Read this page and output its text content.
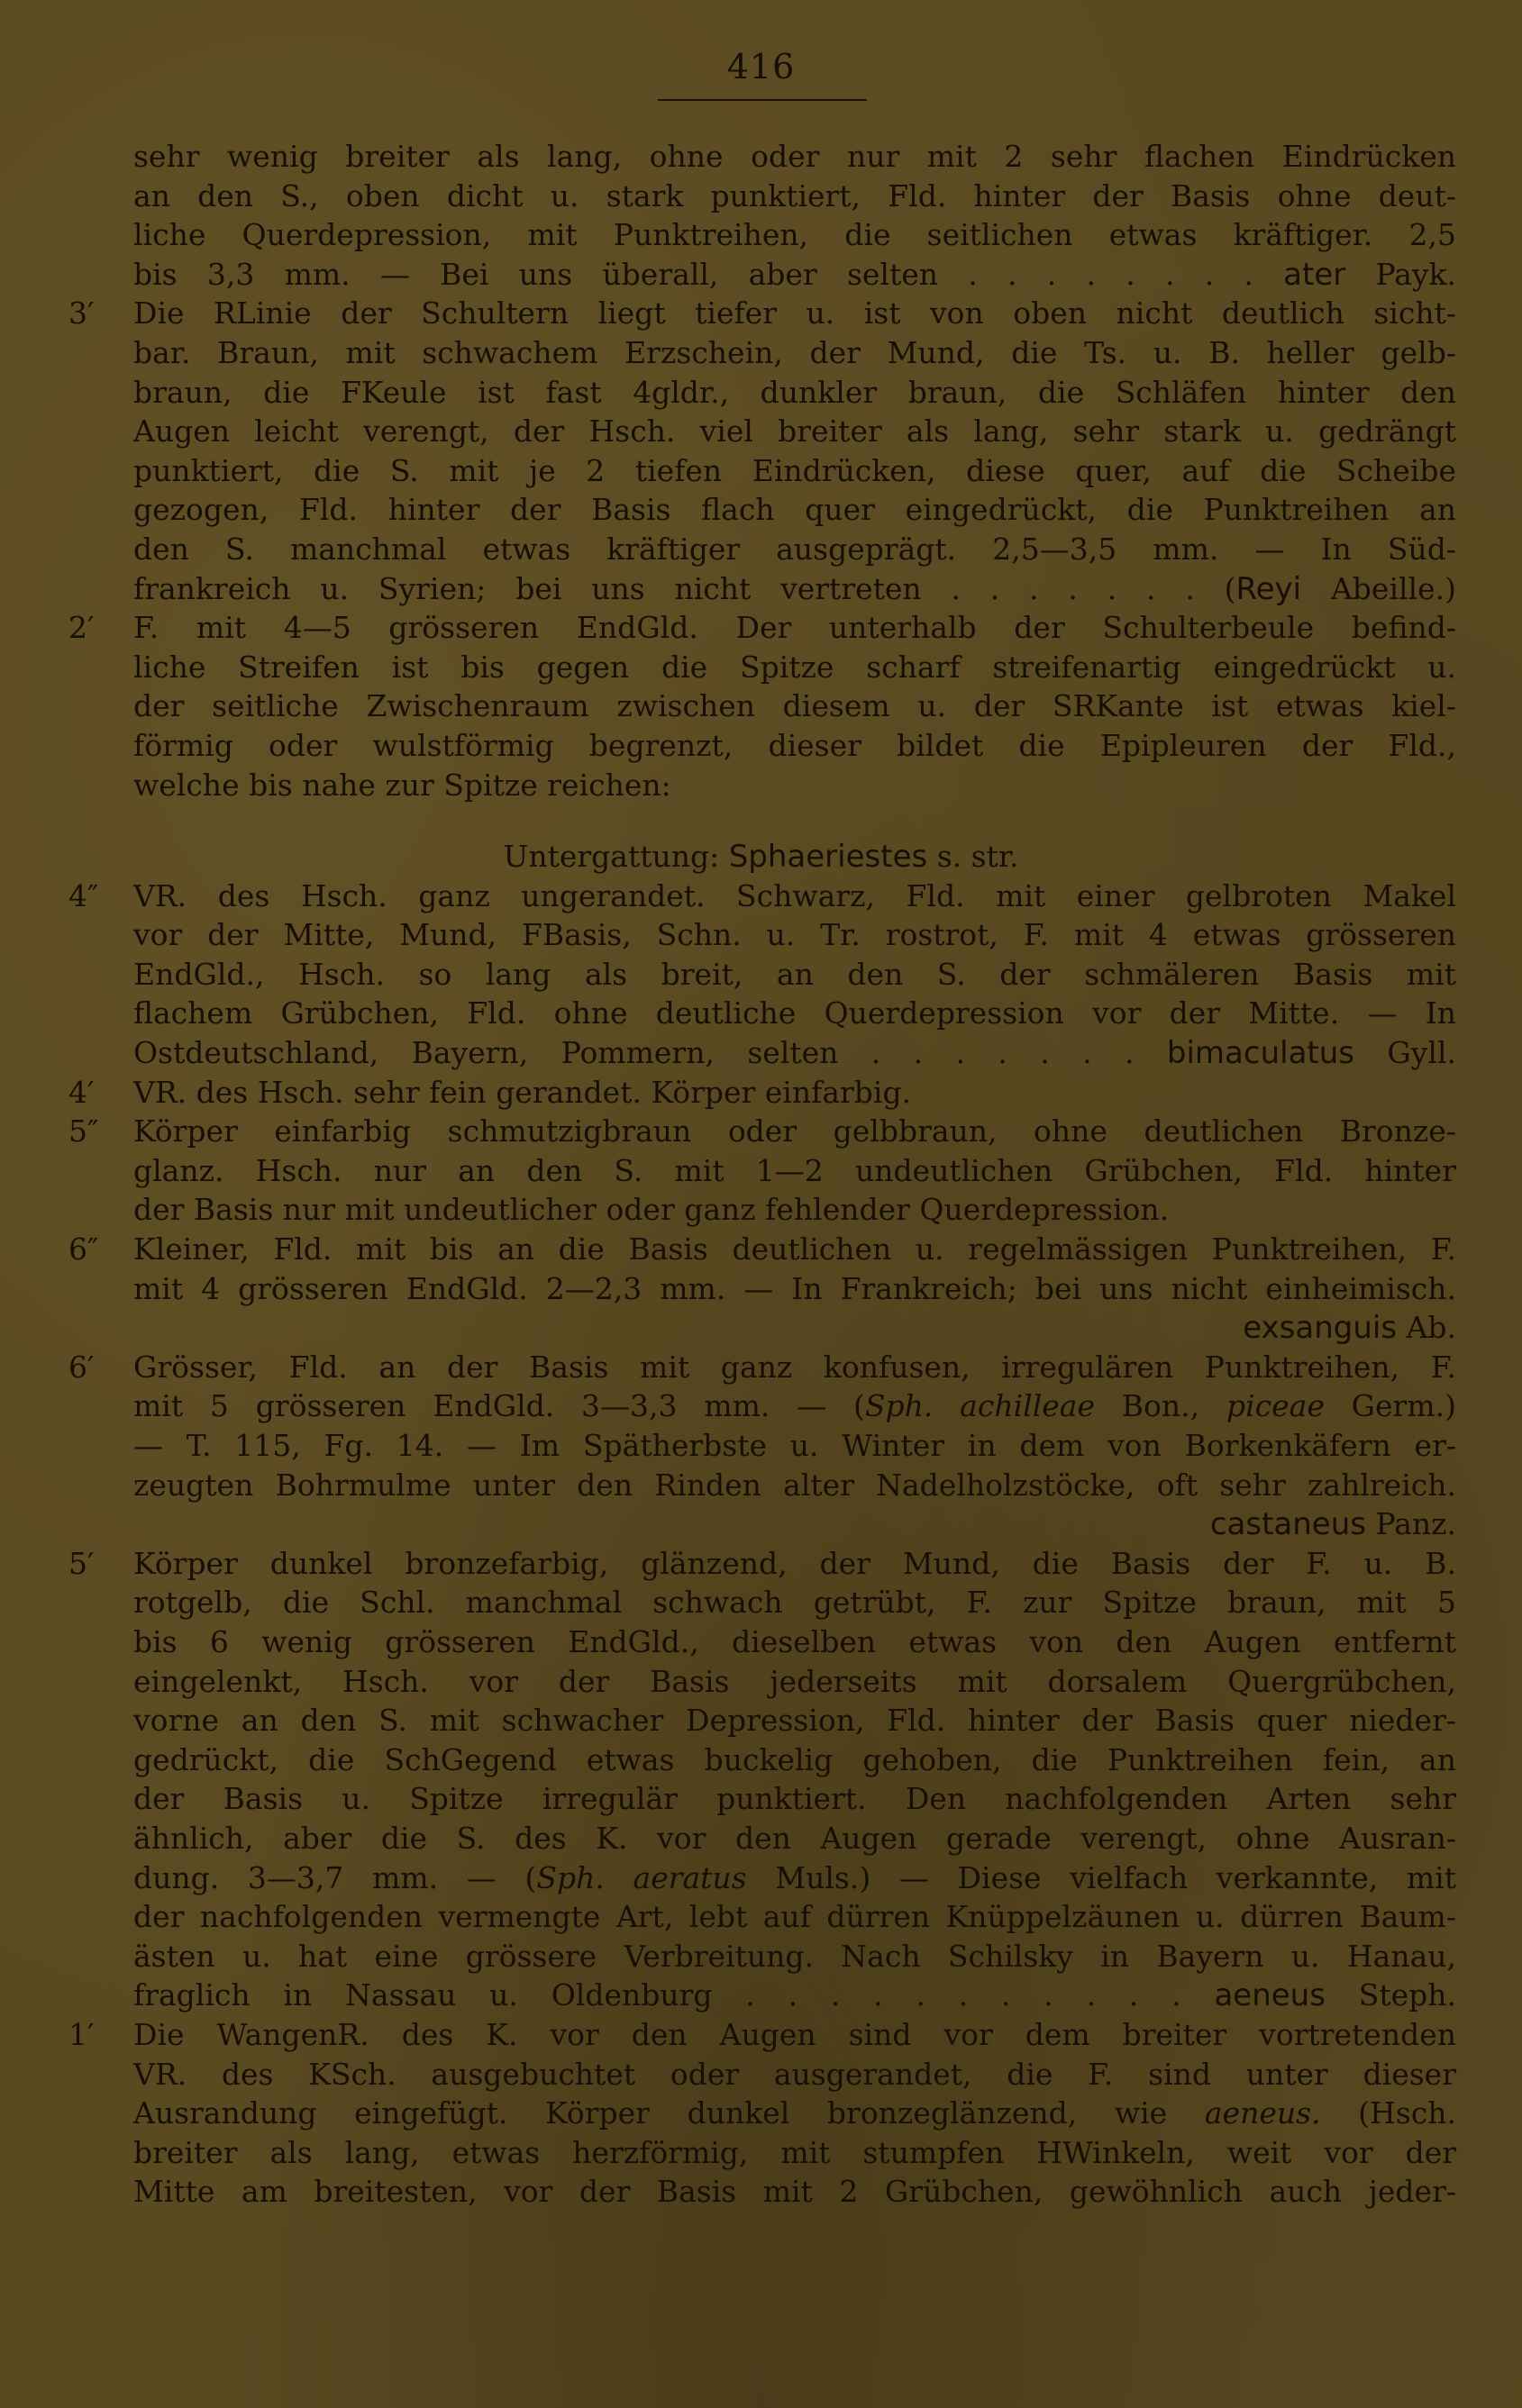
416
sehr wenig breiter als lang, ohne oder nur mit 2 sehr flachen Eindrücken
an den S., oben dicht u. stark punktiert, Fld. hinter der Basis ohne deut-
liche Querdepression, mit Punktreihen, die seitlichen etwas kräftiger. 2,5
bis 3,3 mm. — Bei uns überall, aber selten . . . . . . . . ater Payk.
3′ Die RLinie der Schultern liegt tiefer u. ist von oben nicht deutlich sicht-
bar. Braun, mit schwachem Erzschein, der Mund, die Ts. u. B. heller gelb-
braun, die FKeule ist fast 4gldr., dunkler braun, die Schläfen hinter den
Augen leicht verengt, der Hsch. viel breiter als lang, sehr stark u. gedrängt
punktiert, die S. mit je 2 tiefen Eindrücken, diese quer, auf die Scheibe
gezogen, Fld. hinter der Basis flach quer eingedrückt, die Punktreihen an
den S. manchmal etwas kräftiger ausgeprägt. 2,5—3,5 mm. — In Süd-
frankreich u. Syrien; bei uns nicht vertreten . . . . . . . (Reyi Abeille.)
2′ F. mit 4—5 grösseren EndGld. Der unterhalb der Schulterbeule befind-
liche Streifen ist bis gegen die Spitze scharf streifenartig eingedrückt u.
der seitliche Zwischenraum zwischen diesem u. der SRKante ist etwas kiel-
förmig oder wulstförmig begrenzt, dieser bildet die Epipleuren der Fld.,
welche bis nahe zur Spitze reichen:
Untergattung: Sphaeriestes s. str.
4″ VR. des Hsch. ganz ungerandet. Schwarz, Fld. mit einer gelbroten Makel
vor der Mitte, Mund, FBasis, Schn. u. Tr. rostrot, F. mit 4 etwas grösseren
EndGld., Hsch. so lang als breit, an den S. der schmäleren Basis mit
flachem Grübchen, Fld. ohne deutliche Querdepression vor der Mitte. — In
Ostdeutschland, Bayern, Pommern, selten . . . . . . . bimaculatus Gyll.
4′ VR. des Hsch. sehr fein gerandet. Körper einfarbig.
5″ Körper einfarbig schmutzigbraun oder gelbbraun, ohne deutlichen Bronze-
glanz. Hsch. nur an den S. mit 1—2 undeutlichen Grübchen, Fld. hinter
der Basis nur mit undeutlicher oder ganz fehlender Querdepression.
6″ Kleiner, Fld. mit bis an die Basis deutlichen u. regelmässigen Punktreihen, F.
mit 4 grösseren EndGld. 2—2,3 mm. — In Frankreich; bei uns nicht einheimisch.
exsanguis Ab.
6′ Grösser, Fld. an der Basis mit ganz konfusen, irregulären Punktreihen, F.
mit 5 grösseren EndGld. 3—3,3 mm. — (Sph. achilleae Bon., piceae Germ.)
— T. 115, Fg. 14. — Im Spätherbste u. Winter in dem von Borkenkäfern er-
zeugten Bohrmulme unter den Rinden alter Nadelholzstöcke, oft sehr zahlreich.
castaneus Panz.
5′ Körper dunkel bronzefarbig, glänzend, der Mund, die Basis der F. u. B.
rotgelb, die Schl. manchmal schwach getrübt, F. zur Spitze braun, mit 5
bis 6 wenig grösseren EndGld., dieselben etwas von den Augen entfernt
eingelenkt, Hsch. vor der Basis jederseits mit dorsalem Quergrübchen,
vorne an den S. mit schwacher Depression, Fld. hinter der Basis quer nieder-
gedrückt, die SchGegend etwas buckelig gehoben, die Punktreihen fein, an
der Basis u. Spitze irregulär punktiert. Den nachfolgenden Arten sehr
ähnlich, aber die S. des K. vor den Augen gerade verengt, ohne Ausran-
dung. 3—3,7 mm. — (Sph. aeratus Muls.) — Diese vielfach verkannte, mit
der nachfolgenden vermengte Art, lebt auf dürren Knüppelzäunen u. dürren Baum-
ästen u. hat eine grössere Verbreitung. Nach Schilsky in Bayern u. Hanau,
fraglich in Nassau u. Oldenburg . . . . . . . . . . . aeneus Steph.
1′ Die WangenR. des K. vor den Augen sind vor dem breiter vortretenden
VR. des KSch. ausgebuchtet oder ausgerandet, die F. sind unter dieser
Ausrandung eingefügt. Körper dunkel bronzeglänzend, wie aeneus. (Hsch.
breiter als lang, etwas herzförmig, mit stumpfen HWinkeln, weit vor der
Mitte am breitesten, vor der Basis mit 2 Grübchen, gewöhnlich auch jeder-
